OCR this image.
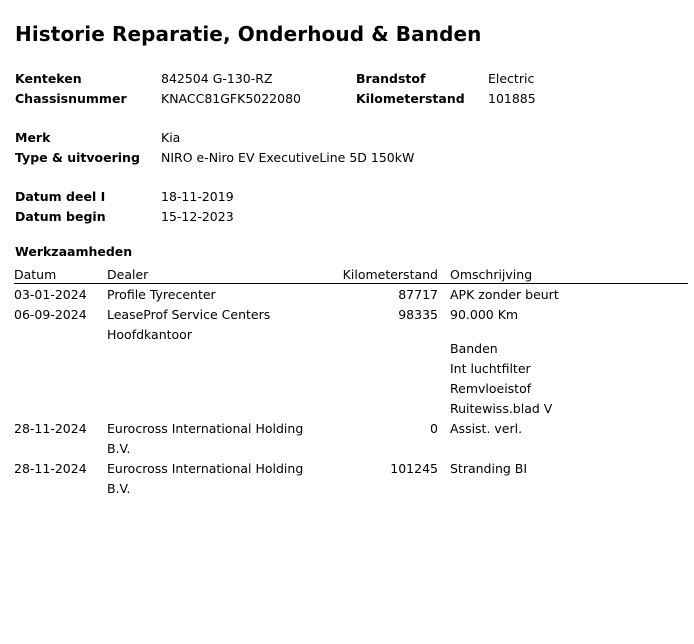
Historie Reparatie, Onderhoud & Banden
Kenteken	842504 G-130-RZ	Brandstof	Electric
Chassisnummer	KNACC81GFK5022080	Kilometerstand 101885
Merk	Kia
Type & uitvoering NIRO e-Niro EV ExecutiveLine 5D 150kW
Datum deel I	18-11-2019
Datum begin	15-12-2023
Werkzaamheden
Datum	Dealer	Kilometerstand	Omschrijving
03-01-2024	Profile Tyrecenter	87717	APK zonder beurt

06-09-2024	LeaseProf Service Centers
Hoofdkantoor	98335	90.000 Km
Banden
Int luchtfilter
Remvloeistof
Ruitewiss.blad V

28-11-2024	Eurocross International Holding
B.V.	0	Assist. verl.

28-11-2024	Eurocross International Holding
B.V.	101245	Stranding BI
